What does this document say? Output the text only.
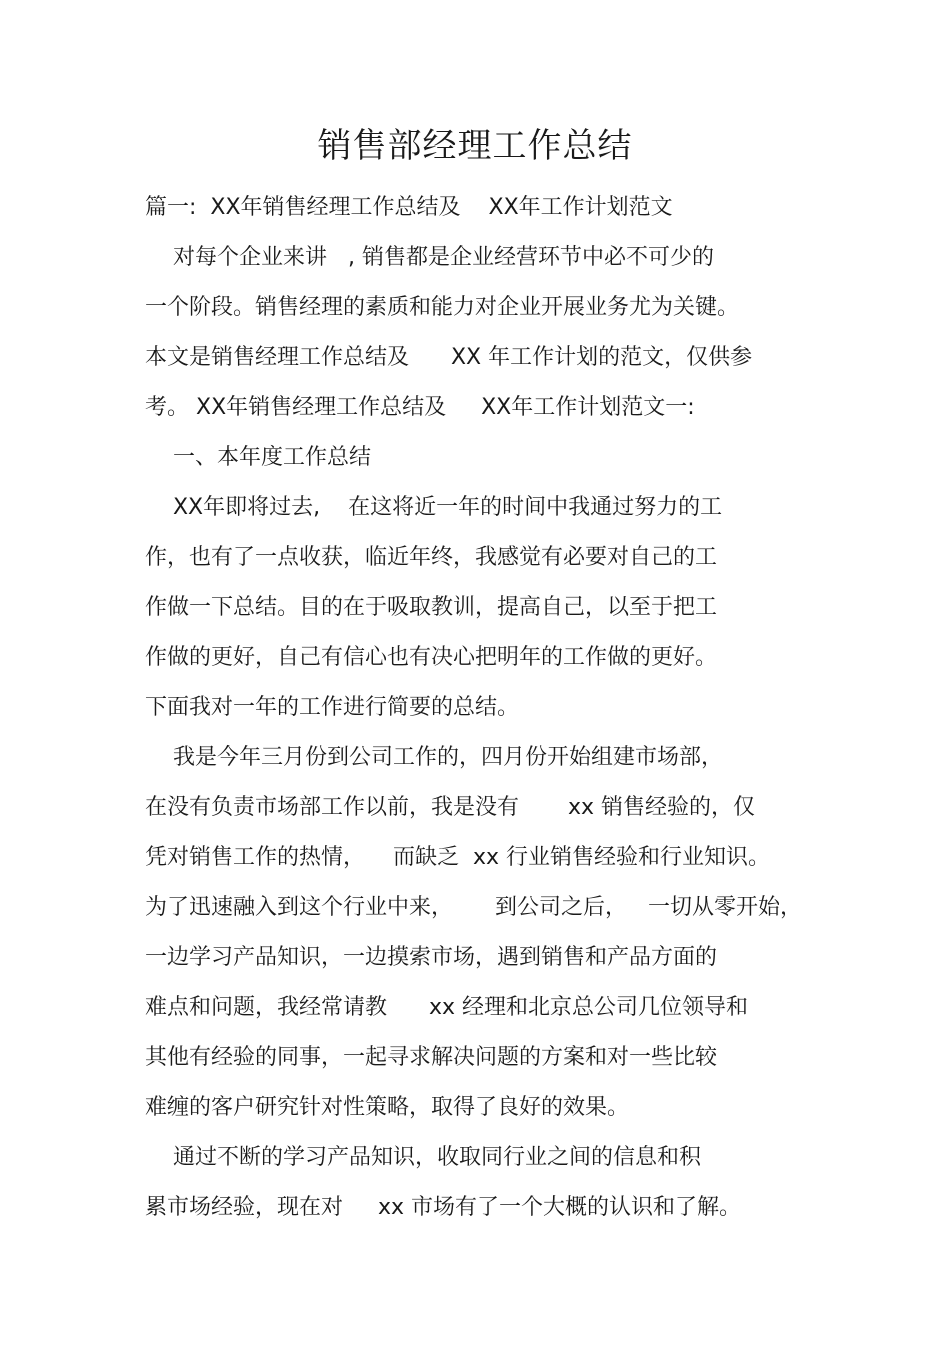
销售部经理工作总结
篇一:  XX年销售经理工作总结及    XX年工作计划范文
对每个企业来讲   , 销售都是企业经营环节中必不可少的
一个阶段。销售经理的素质和能力对企业开展业务尤为关键。
本文是销售经理工作总结及      XX 年工作计划的范文，仅供参
考。 XX年销售经理工作总结及     XX年工作计划范文一:
一、本年度工作总结
XX年即将过去,    在这将近一年的时间中我通过努力的工
作，也有了一点收获，临近年终，我感觉有必要对自己的工
作做一下总结。目的在于吸取教训，提高自己，以至于把工
作做的更好，自己有信心也有决心把明年的工作做的更好。
下面我对一年的工作进行简要的总结。
我是今年三月份到公司工作的，四月份开始组建市场部，
在没有负责市场部工作以前，我是没有       xx 销售经验的，仅
凭对销售工作的热情，    而缺乏  xx 行业销售经验和行业知识。
为了迅速融入到这个行业中来，      到公司之后，   一切从零开始，
一边学习产品知识，一边摸索市场，遇到销售和产品方面的
难点和问题，我经常请教      xx 经理和北京总公司几位领导和
其他有经验的同事，一起寻求解决问题的方案和对一些比较
难缠的客户研究针对性策略，取得了良好的效果。
通过不断的学习产品知识，收取同行业之间的信息和积
累市场经验，现在对     xx 市场有了一个大概的认识和了解。
